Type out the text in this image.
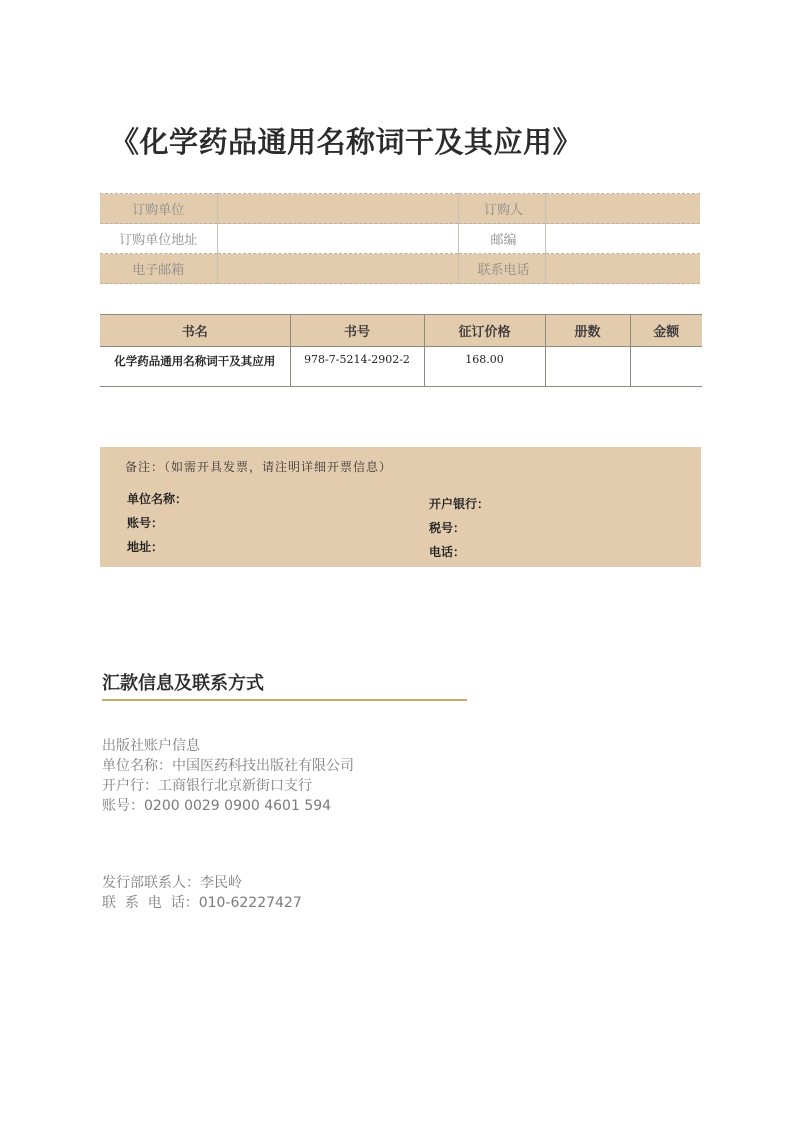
《化学药品通用名称词干及其应用》
订购单位		订购人	
订购单位地址		邮编	
电子邮箱		联系电话	
书名	书号	征订价格	册数	金额
化学药品通用名称词干及其应用	978-7-5214-2902-2	168.00		
备注：（如需开具发票，请注明详细开票信息）
单位名称：
账号：
地址：
开户银行：
税号：
电话：
汇款信息及联系方式
出版社账户信息
单位名称：中国医药科技出版社有限公司
开户行：工商银行北京新街口支行
账号：0200 0029 0900 4601 594
发行部联系人：李民岭
联  系  电  话：010-62227427
